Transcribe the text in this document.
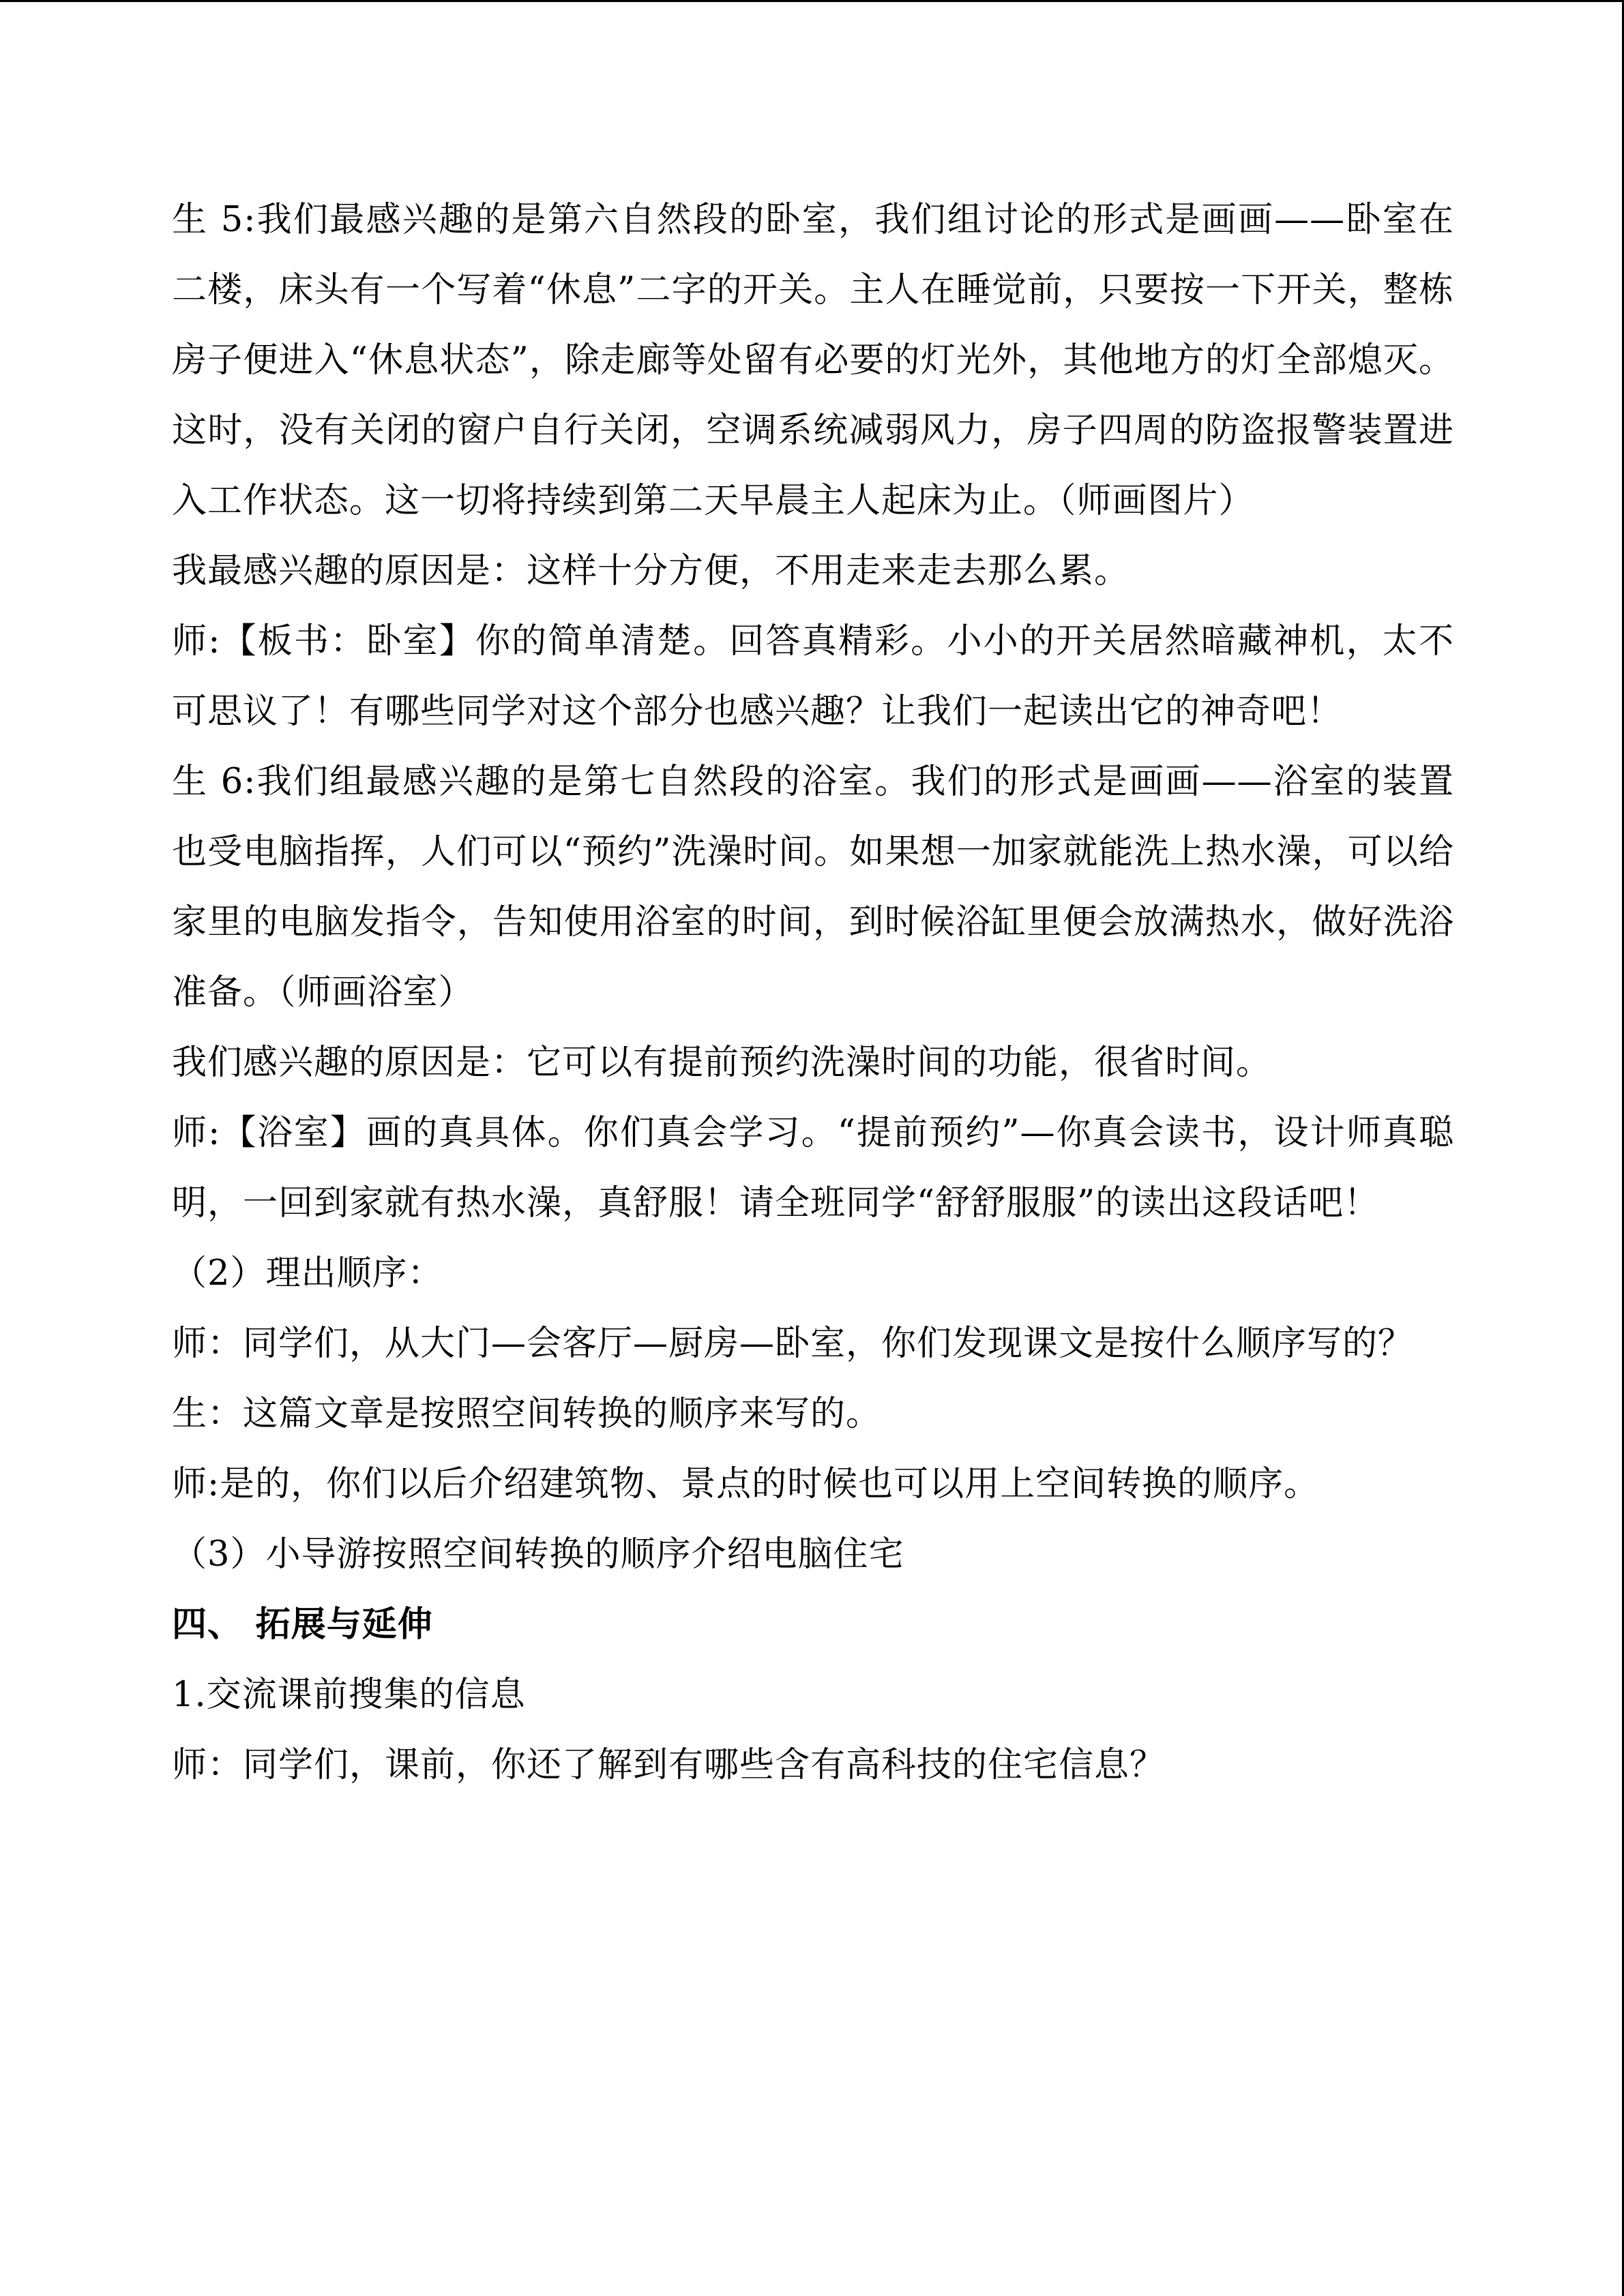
生 5:我们最感兴趣的是第六自然段的卧室，我们组讨论的形式是画画——卧室在二楼，床头有一个写着“休息”二字的开关。主人在睡觉前，只要按一下开关，整栋房子便进入“休息状态”，除走廊等处留有必要的灯光外，其他地方的灯全部熄灭。这时，没有关闭的窗户自行关闭，空调系统减弱风力，房子四周的防盗报警装置进入工作状态。这一切将持续到第二天早晨主人起床为止。（师画图片）

我最感兴趣的原因是：这样十分方便，不用走来走去那么累。

师:【板书：卧室】你的简单清楚。回答真精彩。小小的开关居然暗藏神机，太不可思议了！有哪些同学对这个部分也感兴趣？让我们一起读出它的神奇吧！

生 6:我们组最感兴趣的是第七自然段的浴室。我们的形式是画画——浴室的装置也受电脑指挥，人们可以“预约”洗澡时间。如果想一加家就能洗上热水澡，可以给家里的电脑发指令，告知使用浴室的时间，到时候浴缸里便会放满热水，做好洗浴准备。（师画浴室）

我们感兴趣的原因是：它可以有提前预约洗澡时间的功能，很省时间。

师:【浴室】画的真具体。你们真会学习。“提前预约”—你真会读书，设计师真聪明，一回到家就有热水澡，真舒服！请全班同学“舒舒服服”的读出这段话吧！

（2）理出顺序：

师：同学们，从大门—会客厅—厨房—卧室，你们发现课文是按什么顺序写的？

生：这篇文章是按照空间转换的顺序来写的。

师:是的，你们以后介绍建筑物、景点的时候也可以用上空间转换的顺序。

（3）小导游按照空间转换的顺序介绍电脑住宅

四、 拓展与延伸

1.交流课前搜集的信息

师：同学们，课前，你还了解到有哪些含有高科技的住宅信息？
